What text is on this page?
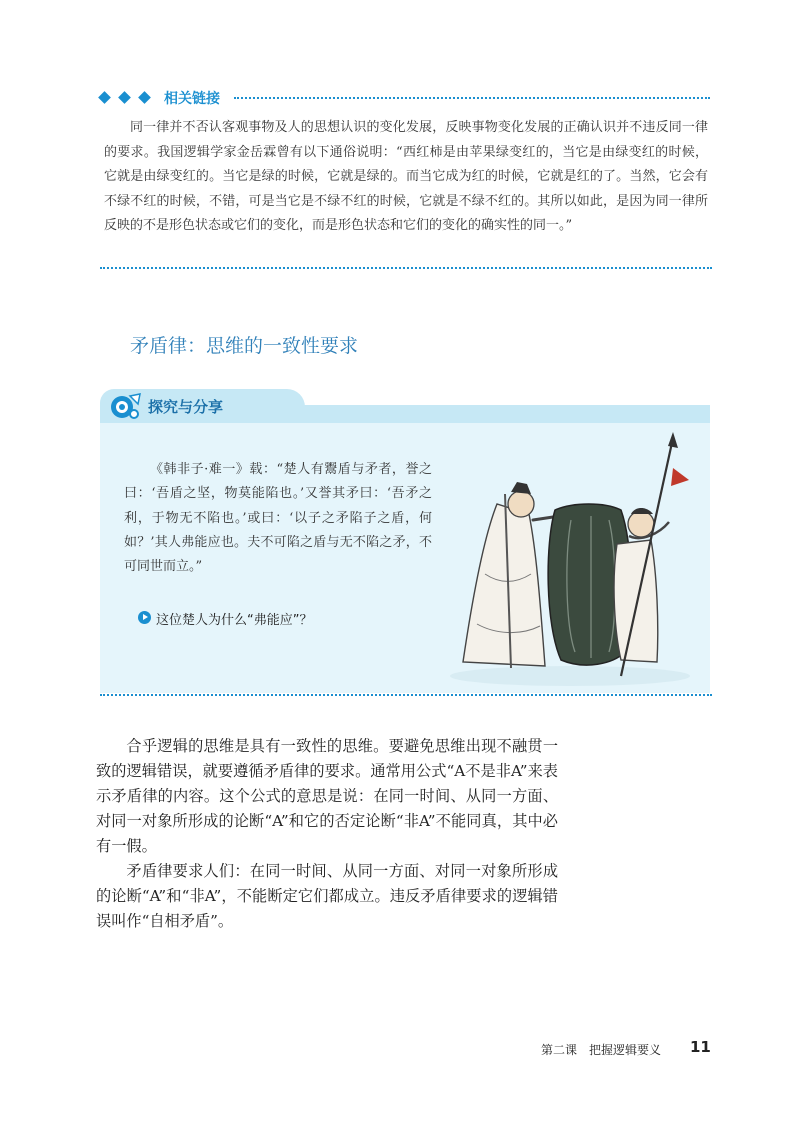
相关链接
同一律并不否认客观事物及人的思想认识的变化发展，反映事物变化发展的正确认识并不违反同一律的要求。我国逻辑学家金岳霖曾有以下通俗说明：“西红柿是由苹果绿变红的，当它是由绿变红的时候，它就是由绿变红的。当它是绿的时候，它就是绿的。而当它成为红的时候，它就是红的了。当然，它会有不绿不红的时候，不错，可是当它是不绿不红的时候，它就是不绿不红的。其所以如此，是因为同一律所反映的不是形色状态或它们的变化，而是形色状态和它们的变化的确实性的同一。”
矛盾律：思维的一致性要求
探究与分享

《韩非子·难一》载：“楚人有鬻盾与矛者，誉之曰：‘吾盾之坚，物莫能陷也。’又誉其矛曰：‘吾矛之利，于物无不陷也。’或曰：‘以子之矛陷子之盾，何如？’其人弗能应也。夫不可陷之盾与无不陷之矛，不可同世而立。”

这位楚人为什么“弗能应”？

合乎逻辑的思维是具有一致性的思维。要避免思维出现不融贯一致的逻辑错误，就要遵循矛盾律的要求。通常用公式“A不是非A”来表示矛盾律的内容。这个公式的意思是说：在同一时间、从同一方面、对同一对象所形成的论断“A”和它的否定论断“非A”不能同真，其中必有一假。

矛盾律要求人们：在同一时间、从同一方面、对同一对象所形成的论断“A”和“非A”，不能断定它们都成立。违反矛盾律要求的逻辑错误叫作“自相矛盾”。

第二课　把握逻辑要义 11
